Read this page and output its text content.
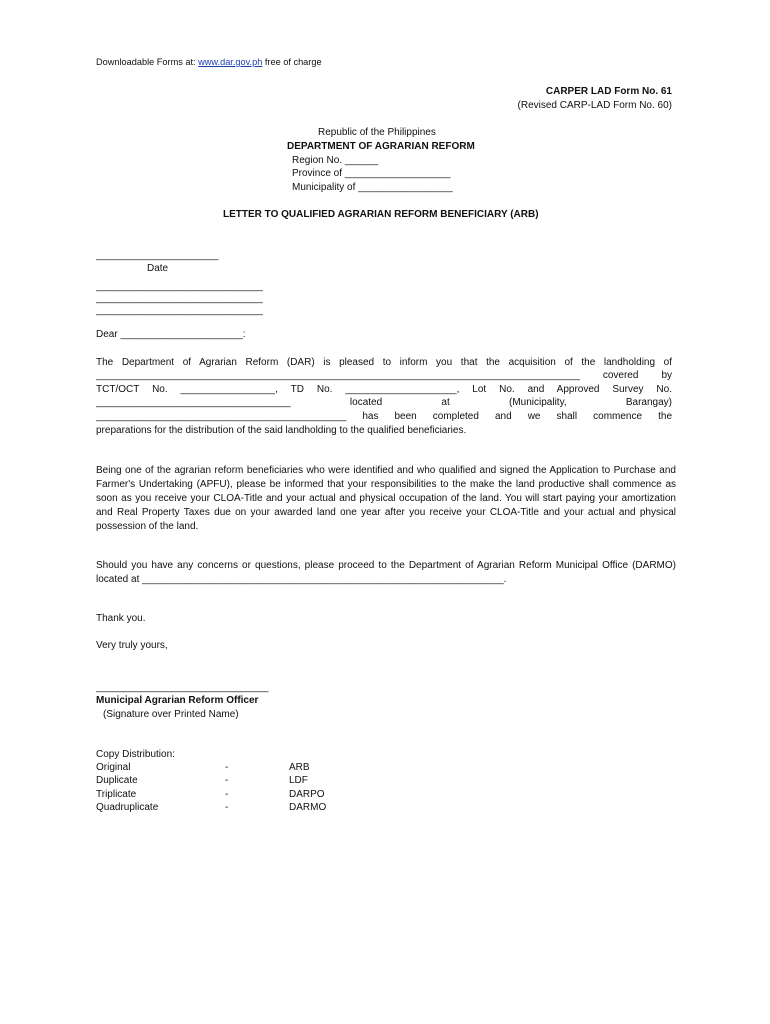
Downloadable Forms at: www.dar.gov.ph free of charge

CARPER LAD Form No. 61

(Revised CARP-LAD Form No. 60)

Republic of the Philippines

DEPARTMENT OF AGRARIAN REFORM

Region No. ______

Province of ___________________

Municipality of _________________

LETTER TO QUALIFIED AGRARIAN REFORM BENEFICIARY (ARB)

______________________

Date

______________________________

______________________________

______________________________

Dear ______________________:

The Department of Agrarian Reform (DAR) is pleased to inform you that the acquisition of the landholding of

_______________________________________________________________________________________ covered by

TCT/OCT No. _________________, TD No. ____________________, Lot No. and Approved Survey No.

___________________________________ located at (Municipality, Barangay)

_____________________________________________ has been completed and we shall commence the

preparations for the distribution of the said landholding to the qualified beneficiaries.

Being one of the agrarian reform beneficiaries who were identified and who qualified and signed the Application to Purchase and Farmer's Undertaking (APFU), please be informed that your responsibilities to the make the land productive shall commence as soon as you receive your CLOA-Title and your actual and physical occupation of the land. You will start paying your amortization and Real Property Taxes due on your awarded land one year after you receive your CLOA-Title and your actual and physical possession of the land.

Should you have any concerns or questions, please proceed to the Department of Agrarian Reform Municipal Office (DARMO) located at _________________________________________________________________.

Thank you.

Very truly yours,

_______________________________

Municipal Agrarian Reform Officer

(Signature over Printed Name)

Copy Distribution:

Original	-	ARB
Duplicate	-	LDF
Triplicate	-	DARPO
Quadruplicate	-	DARMO
